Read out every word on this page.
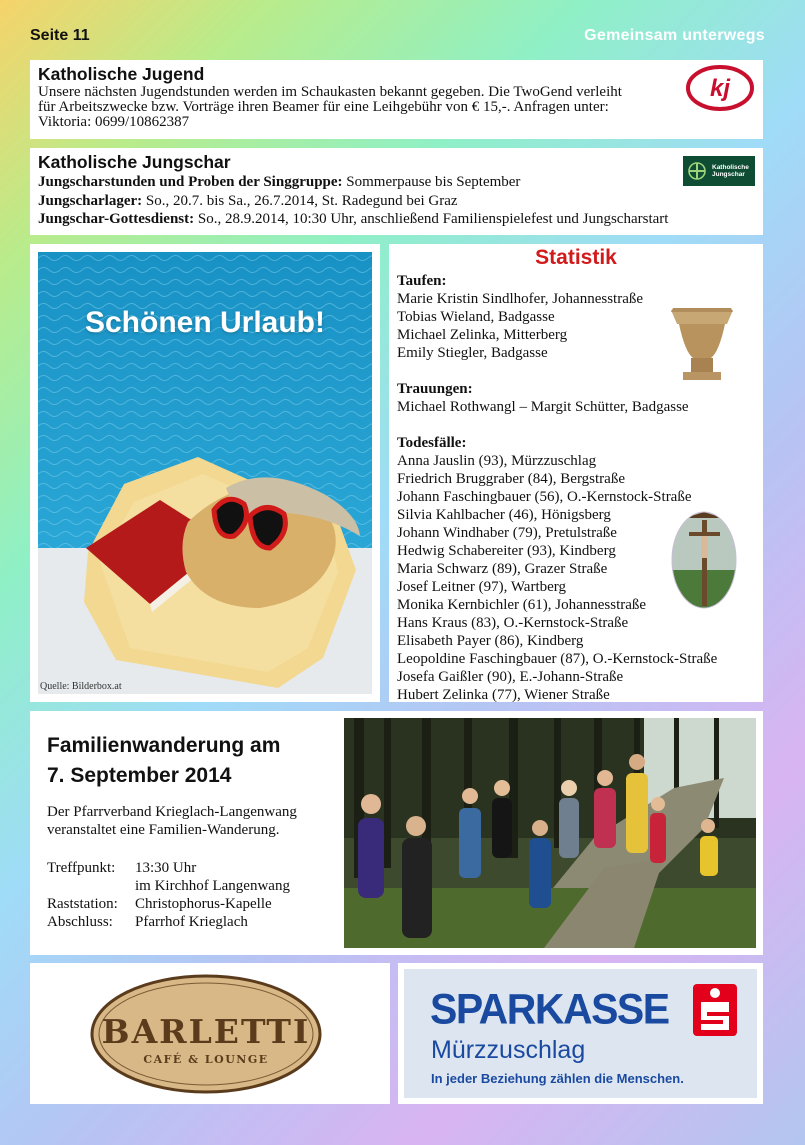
Seite 11	Gemeinsam unterwegs
Katholische Jugend

Unsere nächsten Jugendstunden werden im Schaukasten bekannt gegeben. Die TwoGend verleiht

für Arbeitszwecke bzw. Vorträge ihren Beamer für eine Leihgebühr von € 15,-. Anfragen unter:

Viktoria: 0699/10862387

kj
Katholische Jungschar

Jungscharstunden und Proben der Singgruppe: Sommerpause bis September

Jungscharlager: So., 20.7. bis Sa., 26.7.2014, St. Radegund bei Graz

Jungschar-Gottesdienst: So., 28.9.2014, 10:30 Uhr, anschließend Familienspielefest und Jungscharstart

Katholische
Jungschar
Schönen Urlaub!
Quelle: Bilderbox.at
Statistik

Taufen:

Marie Kristin Sindlhofer, Johannesstraße
Tobias Wieland, Badgasse
Michael Zelinka, Mitterberg
Emily Stiegler, Badgasse

Trauungen:

Michael Rothwangl – Margit Schütter, Badgasse

Todesfälle:

Anna Jauslin (93), Mürzzuschlag
Friedrich Bruggraber (84), Bergstraße
Johann Faschingbauer (56), O.-Kernstock-Straße
Silvia Kahlbacher (46), Hönigsberg
Johann Windhaber (79), Pretulstraße
Hedwig Schabereiter (93), Kindberg
Maria Schwarz (89), Grazer Straße
Josef Leitner (97), Wartberg
Monika Kernbichler (61), Johannesstraße
Hans Kraus (83), O.-Kernstock-Straße
Elisabeth Payer (86), Kindberg
Leopoldine Faschingbauer (87), O.-Kernstock-Straße
Josefa Gaißler (90), E.-Johann-Straße
Hubert Zelinka (77), Wiener Straße
Familienwanderung am
7. September 2014

Der Pfarrverband Krieglach-Langenwang
veranstaltet eine Familien-Wanderung.

Treffpunkt:	13:30 Uhr
im Kirchhof Langenwang
Raststation:	Christophorus-Kapelle
Abschluss:	Pfarrhof Krieglach
BARLETTI
CAFÉ & LOUNGE
SPARKASSE
Mürzzuschlag
In jeder Beziehung zählen die Menschen.
